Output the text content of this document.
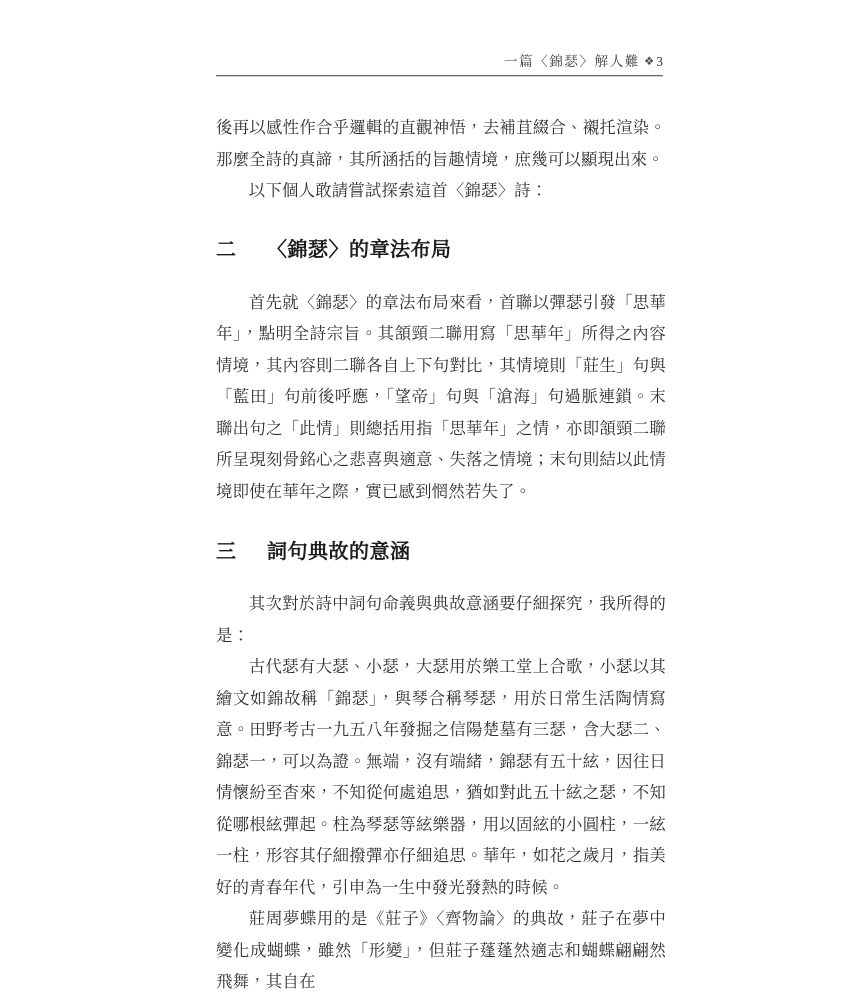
一篇〈錦瑟〉解人難 ❖ 3

後再以感性作合乎邏輯的直觀神悟，去補苴綴合、襯托渲染。那麼全詩的真諦，其所涵括的旨趣情境，庶幾可以顯現出來。

以下個人敢請嘗試探索這首〈錦瑟〉詩：

二 〈錦瑟〉的章法布局

首先就〈錦瑟〉的章法布局來看，首聯以彈瑟引發「思華年」，點明全詩宗旨。其頷頸二聯用寫「思華年」所得之內容情境，其內容則二聯各自上下句對比，其情境則「莊生」句與「藍田」句前後呼應，「望帝」句與「滄海」句過脈連鎖。末聯出句之「此情」則總括用指「思華年」之情，亦即頷頸二聯所呈現刻骨銘心之悲喜與適意、失落之情境；末句則結以此情境即使在華年之際，實已感到惘然若失了。

三 詞句典故的意涵

其次對於詩中詞句命義與典故意涵要仔細探究，我所得的是：

古代瑟有大瑟、小瑟，大瑟用於樂工堂上合歌，小瑟以其繪文如錦故稱「錦瑟」，與琴合稱琴瑟，用於日常生活陶情寫意。田野考古一九五八年發掘之信陽楚墓有三瑟，含大瑟二、錦瑟一，可以為證。無端，沒有端緒，錦瑟有五十絃，因往日情懷紛至杳來，不知從何處追思，猶如對此五十絃之瑟，不知從哪根絃彈起。柱為琴瑟等絃樂器，用以固絃的小圓柱，一絃一柱，形容其仔細撥彈亦仔細追思。華年，如花之歲月，指美好的青春年代，引申為一生中發光發熱的時候。

莊周夢蝶用的是《莊子》〈齊物論〉的典故，莊子在夢中變化成蝴蝶，雖然「形變」，但莊子蓬蓬然適志和蝴蝶翩翩然飛舞，其自在
